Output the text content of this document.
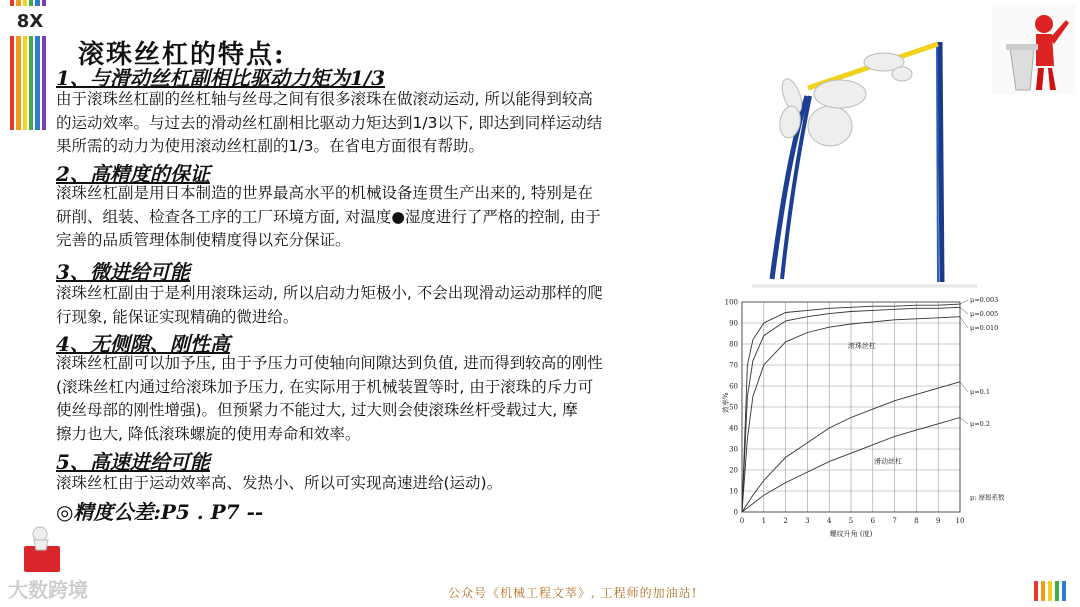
8X
滚珠丝杠的特点:
1、与滑动丝杠副相比驱动力矩为1/3
由于滚珠丝杠副的丝杠轴与丝母之间有很多滚珠在做滚动运动, 所以能得到较高
的运动效率。与过去的滑动丝杠副相比驱动力矩达到1/3以下, 即达到同样运动结
果所需的动力为使用滚动丝杠副的1/3。在省电方面很有帮助。
2、高精度的保证
滚珠丝杠副是用日本制造的世界最高水平的机械设备连贯生产出来的, 特别是在
研削、组装、检查各工序的工厂环境方面, 对温度●湿度进行了严格的控制, 由于
完善的品质管理体制使精度得以充分保证。
3、微进给可能
滚珠丝杠副由于是利用滚珠运动, 所以启动力矩极小, 不会出现滑动运动那样的爬
行现象, 能保证实现精确的微进给。
4、无侧隙、刚性高
滚珠丝杠副可以加予压, 由于予压力可使轴向间隙达到负值, 进而得到较高的刚性
(滚珠丝杠内通过给滚珠加予压力, 在实际用于机械装置等时, 由于滚珠的斥力可
使丝母部的刚性增强)。但预紧力不能过大, 过大则会使滚珠丝杆受载过大, 摩
擦力也大, 降低滚珠螺旋的使用寿命和效率。
5、高速进给可能
滚珠丝杠由于运动效率高、发热小、所以可实现高速进给(运动)。
◎精度公差:P5 . P7 --	0 1 2 3 4 5 6 7 8 9 10
0
10
20
30
40
50
60
70
80
90
100	μ=0.003
μ=0.005
μ=0.010
μ=0.1
μ=0.2
滚珠丝杠
滑动丝杠
μ: 摩擦系数
螺纹升角 (度)
效率%
大数跨境	公众号《机械工程文萃》, 工程师的加油站!
